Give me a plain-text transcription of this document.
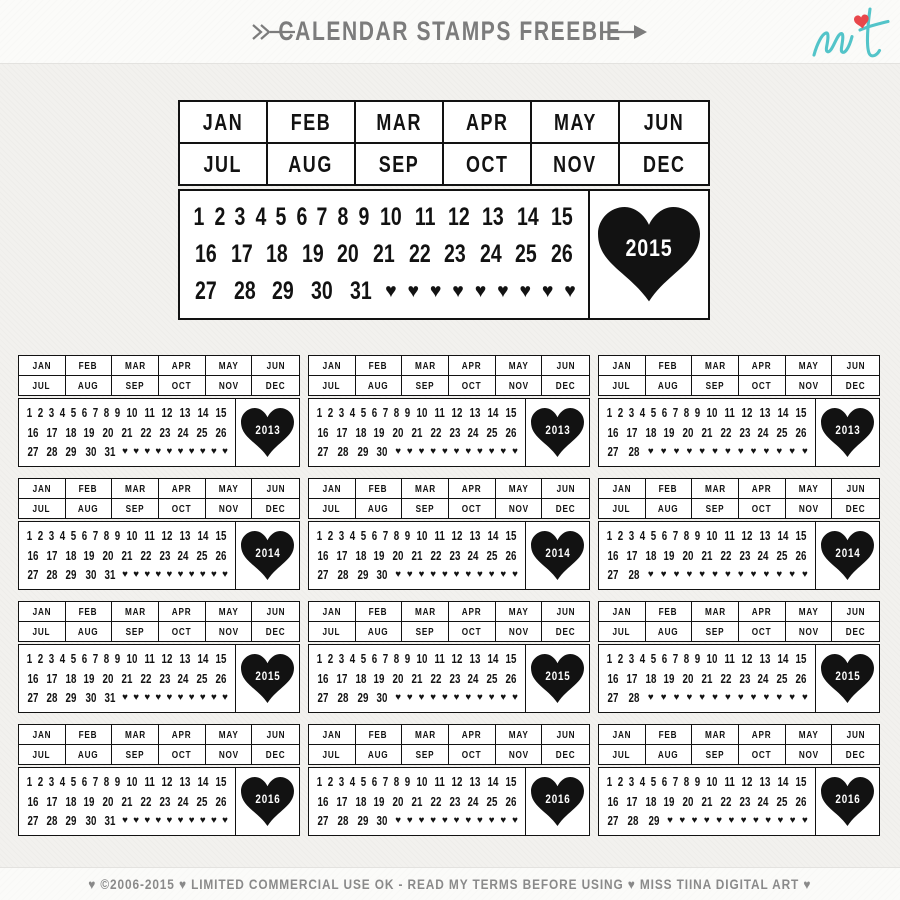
CALENDAR STAMPS FREEBIE
JAN FEB MAR APR MAY JUN
JUL AUG SEP OCT NOV DEC
1 2 3 4 5 6 7 8 9 10 11 12 13 14 15
16 17 18 19 20 21 22 23 24 25 26
27 28 29 30 31 ♥ ♥ ♥ ♥ ♥ ♥ ♥ ♥ ♥
2015
JAN	FEB	MAR	APR	MAY	JUN
JUL	AUG	SEP	OCT	NOV	DEC
1 2 3 4 5 6 7 8 9 10 11 12 13 14 15
16 17 18 19 20 21 22 23 24 25 26
27 28 29 30 31 ♥ ♥ ♥ ♥ ♥ ♥ ♥ ♥ ♥ ♥
2013
JAN	FEB	MAR	APR	MAY	JUN
JUL	AUG	SEP	OCT	NOV	DEC
1 2 3 4 5 6 7 8 9 10 11 12 13 14 15
16 17 18 19 20 21 22 23 24 25 26
27 28 29 30 ♥ ♥ ♥ ♥ ♥ ♥ ♥ ♥ ♥ ♥ ♥
2013
JAN	FEB	MAR	APR	MAY	JUN
JUL	AUG	SEP	OCT	NOV	DEC
1 2 3 4 5 6 7 8 9 10 11 12 13 14 15
16 17 18 19 20 21 22 23 24 25 26
27 28 ♥ ♥ ♥ ♥ ♥ ♥ ♥ ♥ ♥ ♥ ♥ ♥ ♥
2013
JAN	FEB	MAR	APR	MAY	JUN
JUL	AUG	SEP	OCT	NOV	DEC
1 2 3 4 5 6 7 8 9 10 11 12 13 14 15
16 17 18 19 20 21 22 23 24 25 26
27 28 29 30 31 ♥ ♥ ♥ ♥ ♥ ♥ ♥ ♥ ♥ ♥
2014
JAN	FEB	MAR	APR	MAY	JUN
JUL	AUG	SEP	OCT	NOV	DEC
1 2 3 4 5 6 7 8 9 10 11 12 13 14 15
16 17 18 19 20 21 22 23 24 25 26
27 28 29 30 ♥ ♥ ♥ ♥ ♥ ♥ ♥ ♥ ♥ ♥ ♥
2014
JAN	FEB	MAR	APR	MAY	JUN
JUL	AUG	SEP	OCT	NOV	DEC
1 2 3 4 5 6 7 8 9 10 11 12 13 14 15
16 17 18 19 20 21 22 23 24 25 26
27 28 ♥ ♥ ♥ ♥ ♥ ♥ ♥ ♥ ♥ ♥ ♥ ♥ ♥
2014
JAN	FEB	MAR	APR	MAY	JUN
JUL	AUG	SEP	OCT	NOV	DEC
1 2 3 4 5 6 7 8 9 10 11 12 13 14 15
16 17 18 19 20 21 22 23 24 25 26
27 28 29 30 31 ♥ ♥ ♥ ♥ ♥ ♥ ♥ ♥ ♥ ♥
2015
JAN	FEB	MAR	APR	MAY	JUN
JUL	AUG	SEP	OCT	NOV	DEC
1 2 3 4 5 6 7 8 9 10 11 12 13 14 15
16 17 18 19 20 21 22 23 24 25 26
27 28 29 30 ♥ ♥ ♥ ♥ ♥ ♥ ♥ ♥ ♥ ♥ ♥
2015
JAN	FEB	MAR	APR	MAY	JUN
JUL	AUG	SEP	OCT	NOV	DEC
1 2 3 4 5 6 7 8 9 10 11 12 13 14 15
16 17 18 19 20 21 22 23 24 25 26
27 28 ♥ ♥ ♥ ♥ ♥ ♥ ♥ ♥ ♥ ♥ ♥ ♥ ♥
2015
JAN	FEB	MAR	APR	MAY	JUN
JUL	AUG	SEP	OCT	NOV	DEC
1 2 3 4 5 6 7 8 9 10 11 12 13 14 15
16 17 18 19 20 21 22 23 24 25 26
27 28 29 30 31 ♥ ♥ ♥ ♥ ♥ ♥ ♥ ♥ ♥ ♥
2016
JAN	FEB	MAR	APR	MAY	JUN
JUL	AUG	SEP	OCT	NOV	DEC
1 2 3 4 5 6 7 8 9 10 11 12 13 14 15
16 17 18 19 20 21 22 23 24 25 26
27 28 29 30 ♥ ♥ ♥ ♥ ♥ ♥ ♥ ♥ ♥ ♥ ♥
2016
JAN	FEB	MAR	APR	MAY	JUN
JUL	AUG	SEP	OCT	NOV	DEC
1 2 3 4 5 6 7 8 9 10 11 12 13 14 15
16 17 18 19 20 21 22 23 24 25 26
27 28 29 ♥ ♥ ♥ ♥ ♥ ♥ ♥ ♥ ♥ ♥ ♥ ♥
2016
♥ ©2006-2015 ♥ LIMITED COMMERCIAL USE OK - READ MY TERMS BEFORE USING ♥ MISS TIINA DIGITAL ART ♥
